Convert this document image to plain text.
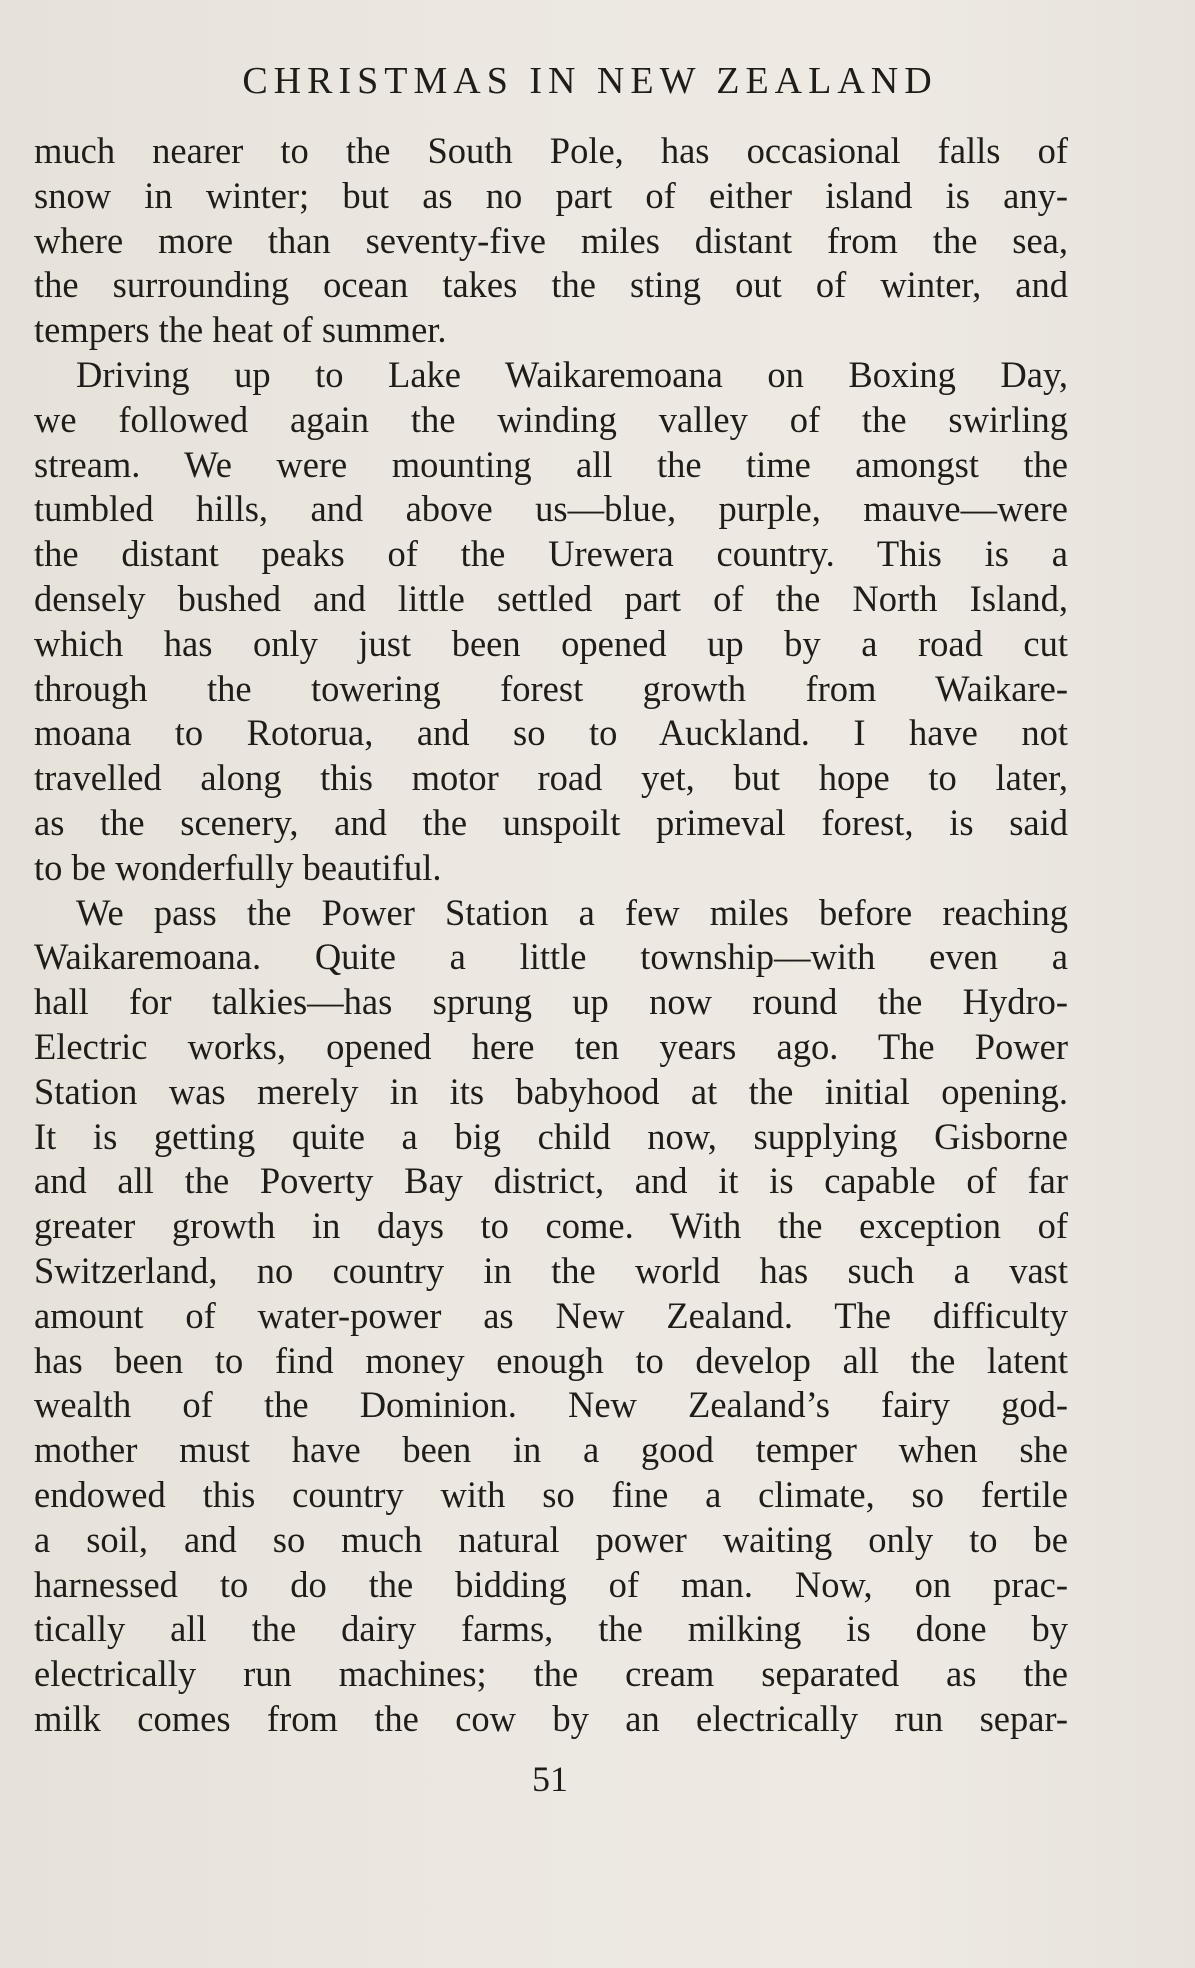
CHRISTMAS IN NEW ZEALAND
much nearer to the South Pole, has occasional falls of
snow in winter; but as no part of either island is any-
where more than seventy-five miles distant from the sea,
the surrounding ocean takes the sting out of winter, and
tempers the heat of summer.
Driving up to Lake Waikaremoana on Boxing Day,
we followed again the winding valley of the swirling
stream. We were mounting all the time amongst the
tumbled hills, and above us—blue, purple, mauve—were
the distant peaks of the Urewera country. This is a
densely bushed and little settled part of the North Island,
which has only just been opened up by a road cut
through the towering forest growth from Waikare-
moana to Rotorua, and so to Auckland. I have not
travelled along this motor road yet, but hope to later,
as the scenery, and the unspoilt primeval forest, is said
to be wonderfully beautiful.
We pass the Power Station a few miles before reaching
Waikaremoana. Quite a little township—with even a
hall for talkies—has sprung up now round the Hydro-
Electric works, opened here ten years ago. The Power
Station was merely in its babyhood at the initial opening.
It is getting quite a big child now, supplying Gisborne
and all the Poverty Bay district, and it is capable of far
greater growth in days to come. With the exception of
Switzerland, no country in the world has such a vast
amount of water-power as New Zealand. The difficulty
has been to find money enough to develop all the latent
wealth of the Dominion. New Zealand’s fairy god-
mother must have been in a good temper when she
endowed this country with so fine a climate, so fertile
a soil, and so much natural power waiting only to be
harnessed to do the bidding of man. Now, on prac-
tically all the dairy farms, the milking is done by
electrically run machines; the cream separated as the
milk comes from the cow by an electrically run separ-
51
